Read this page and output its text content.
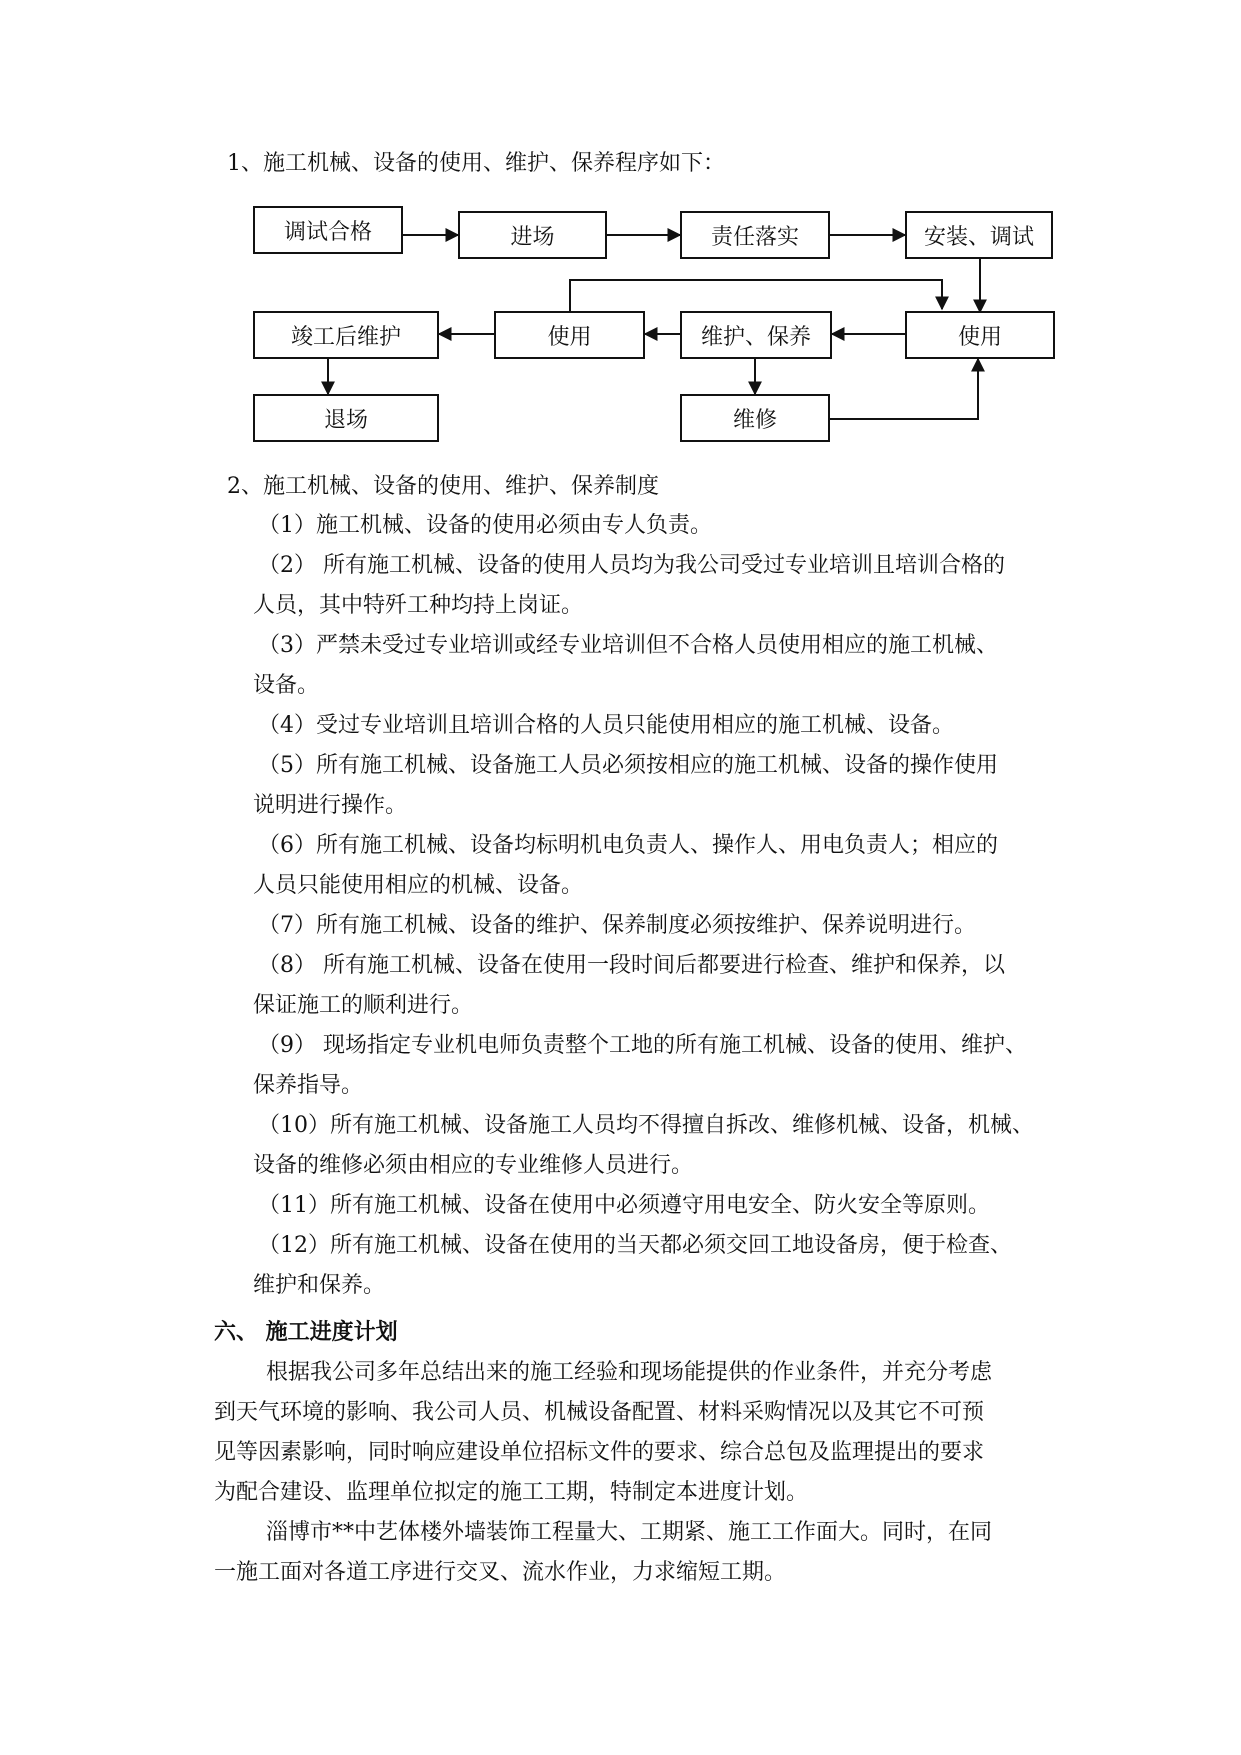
1、施工机械、设备的使用、维护、保养程序如下：
调试合格	进场	责任落实	安装、调试
竣工后维护	使用	维护、保养	使用
退场	维修
2、施工机械、设备的使用、维护、保养制度
（1）施工机械、设备的使用必须由专人负责。
（2） 所有施工机械、设备的使用人员均为我公司受过专业培训且培训合格的
人员，其中特歼工种均持上岗证。
（3）严禁未受过专业培训或经专业培训但不合格人员使用相应的施工机械、
设备。
（4）受过专业培训且培训合格的人员只能使用相应的施工机械、设备。
（5）所有施工机械、设备施工人员必须按相应的施工机械、设备的操作使用
说明进行操作。
（6）所有施工机械、设备均标明机电负责人、操作人、用电负责人；相应的
人员只能使用相应的机械、设备。
（7）所有施工机械、设备的维护、保养制度必须按维护、保养说明进行。
（8） 所有施工机械、设备在使用一段时间后都要进行检查、维护和保养，以
保证施工的顺利进行。
（9） 现场指定专业机电师负责整个工地的所有施工机械、设备的使用、维护、
保养指导。
（10）所有施工机械、设备施工人员均不得擅自拆改、维修机械、设备，机械、
设备的维修必须由相应的专业维修人员进行。
（11）所有施工机械、设备在使用中必须遵守用电安全、防火安全等原则。
（12）所有施工机械、设备在使用的当天都必须交回工地设备房，便于检查、
维护和保养。
六、 施工进度计划
根据我公司多年总结出来的施工经验和现场能提供的作业条件，并充分考虑
到天气环境的影响、我公司人员、机械设备配置、材料采购情况以及其它不可预
见等因素影响，同时响应建设单位招标文件的要求、综合总包及监理提出的要求
为配合建设、监理单位拟定的施工工期，特制定本进度计划。
淄博市**中艺体楼外墙装饰工程量大、工期紧、施工工作面大。同时，在同
一施工面对各道工序进行交叉、流水作业，力求缩短工期。
